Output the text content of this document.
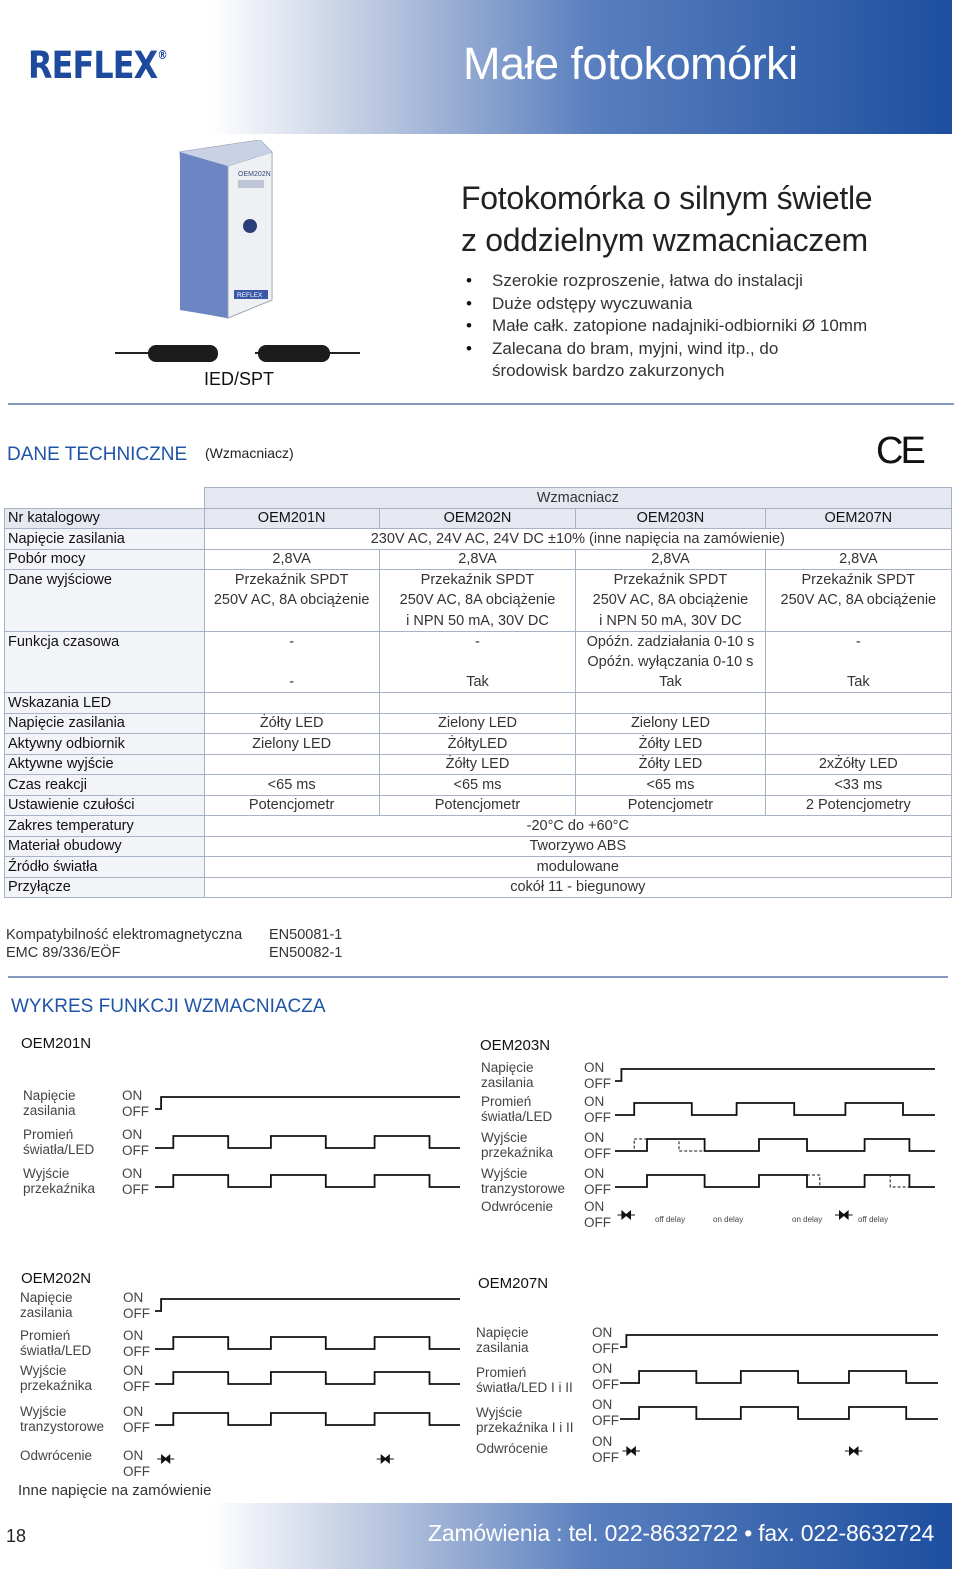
REFLEX®	Małe fotokomórki
OEM202N
REFLEX
IED/SPT
Fotokomórka o silnym świetle
z oddzielnym wzmacniaczem
• Szerokie rozproszenie, łatwa do instalacji
• Duże odstępy wyczuwania
• Małe całk. zatopione nadajniki-odbiorniki Ø 10mm
• Zalecana do bram, myjni, wind itp., do
środowisk bardzo zakurzonych
DANE TECHNICZNE (Wzmacniacz)	CE
	Wzmacniacz			
Nr katalogowy	OEM201N	OEM202N	OEM203N	OEM207N
Napięcie zasilania	230V AC, 24V AC, 24V DC ±10% (inne napięcia na zamówienie)			
Pobór mocy	2,8VA	2,8VA	2,8VA	2,8VA
Dane wyjściowe	Przekaźnik SPDT	Przekaźnik SPDT	Przekaźnik SPDT	Przekaźnik SPDT
	250V AC, 8A obciążenie	250V AC, 8A obciążenie	250V AC, 8A obciążenie	250V AC, 8A obciążenie
		i NPN 50 mA, 30V DC	i NPN 50 mA, 30V DC	
Funkcja czasowa	-	-	Opóźn. zadziałania 0-10 s	-
			Opóźn. wyłączania 0-10 s	
	-	Tak	Tak	Tak
Wskazania LED				
Napięcie zasilania	Żółty LED	Zielony LED	Zielony LED	
Aktywny odbiornik	Zielony LED	ŻółtyLED	Żółty LED	
Aktywne wyjście		Żółty LED	Żółty LED	2xŻółty LED
Czas reakcji	<65 ms	<65 ms	<65 ms	<33 ms
Ustawienie czułości	Potencjometr	Potencjometr	Potencjometr	2 Potencjometry
Zakres temperatury	-20°C do +60°C			
Materiał obudowy	Tworzywo ABS			
Źródło światła	modulowane			
Przyłącze	cokół 11 - biegunowy			
Kompatybilność elektromagnetyczna
EMC 89/336/EÖF
EN50081-1
EN50082-1
WYKRES FUNKCJI WZMACNIACZA
OEM201N
Napięcie
zasilania
ON
OFF
Promień
światła/LED
ON
OFF
Wyjście
przekaźnika
ON
OFF
OEM203N
Napięcie
zasilania
ON
OFF
Promień
światła/LED
ON
OFF
Wyjście
przekaźnika
ON
OFF
Wyjście
tranzystorowe
ON
OFF
Odwrócenie ON
OFF	off delay	on delay	on delay	off delay
OEM202N
Napięcie
zasilania
ON
OFF
Promień
światła/LED
ON
OFF
Wyjście
przekaźnika
ON
OFF
Wyjście
tranzystorowe
ON
OFF
Odwrócenie ON
OFF
OEM207N
Napięcie
zasilania
ON
OFF
Promień
światła/LED I i II
ON
OFF
Wyjście
przekaźnika I i II
ON
OFF
Odwrócenie	ON
OFF
Inne napięcie na zamówienie
18	Zamówienia : tel. 022-8632722 • fax. 022-8632724
